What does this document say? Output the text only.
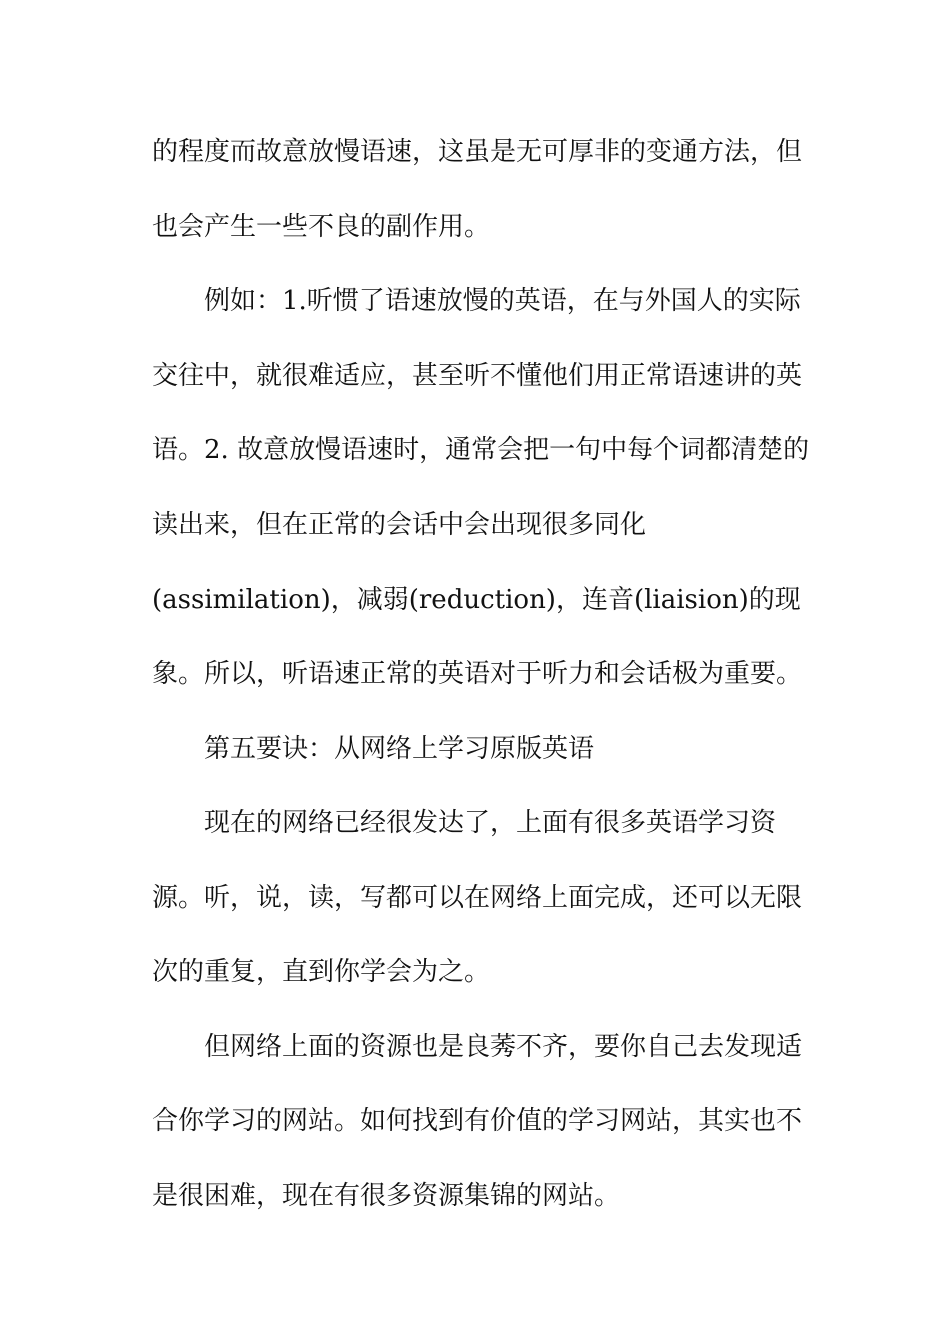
的程度而故意放慢语速，这虽是无可厚非的变通方法，但
也会产生一些不良的副作用。
例如：1.听惯了语速放慢的英语，在与外国人的实际
交往中，就很难适应，甚至听不懂他们用正常语速讲的英
语。2. 故意放慢语速时，通常会把一句中每个词都清楚的
读出来，但在正常的会话中会出现很多同化
(assimilation)，减弱(reduction)，连音(liaision)的现
象。所以，听语速正常的英语对于听力和会话极为重要。
第五要诀：从网络上学习原版英语
现在的网络已经很发达了，上面有很多英语学习资
源。听，说，读，写都可以在网络上面完成，还可以无限
次的重复，直到你学会为之。
但网络上面的资源也是良莠不齐，要你自己去发现适
合你学习的网站。如何找到有价值的学习网站，其实也不
是很困难，现在有很多资源集锦的网站。
